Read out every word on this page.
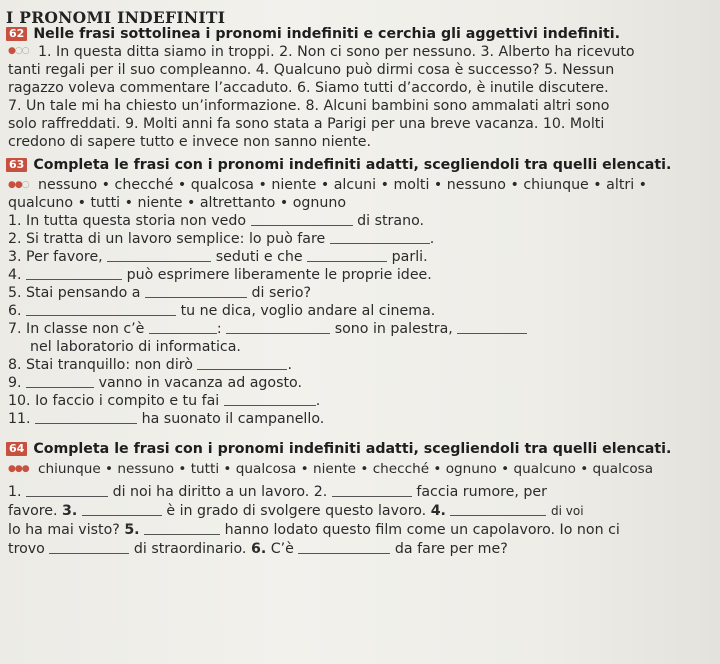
I PRONOMI INDEFINITI
62 Nelle frasi sottolinea i pronomi indefiniti e cerchia gli aggettivi indefiniti.
●○○ 1. In questa ditta siamo in troppi. 2. Non ci sono per nessuno. 3. Alberto ha ricevuto
tanti regali per il suo compleanno. 4. Qualcuno può dirmi cosa è successo? 5. Nessun
ragazzo voleva commentare l’accaduto. 6. Siamo tutti d’accordo, è inutile discutere.
7. Un tale mi ha chiesto un’informazione. 8. Alcuni bambini sono ammalati altri sono
solo raffreddati. 9. Molti anni fa sono stata a Parigi per una breve vacanza. 10. Molti
credono di sapere tutto e invece non sanno niente.
63 Completa le frasi con i pronomi indefiniti adatti, scegliendoli tra quelli elencati.
●●○ nessuno • checché • qualcosa • niente • alcuni • molti • nessuno • chiunque • altri •
qualcuno • tutti • niente • altrettanto • ognuno
1. In tutta questa storia non vedo	di strano.
2. Si tratta di un lavoro semplice: lo può fare	.
3. Per favore,	seduti e che	parli.
4.	può esprimere liberamente le proprie idee.
5. Stai pensando a	di serio?
6.	tu ne dica, voglio andare al cinema.
7. In classe non c’è	:	sono in palestra,
nel laboratorio di informatica.
8. Stai tranquillo: non dirò	.
9.	vanno in vacanza ad agosto.
10. Io faccio i compito e tu fai	.
11.	ha suonato il campanello.
64 Completa le frasi con i pronomi indefiniti adatti, scegliendoli tra quelli elencati.
●●● chiunque • nessuno • tutti • qualcosa • niente • checché • ognuno • qualcuno • qualcosa
1.	di noi ha diritto a un lavoro. 2.	faccia rumore, per
favore. 3.	è in grado di svolgere questo lavoro. 4.	di voi
lo ha mai visto? 5.	hanno lodato questo film come un capolavoro. Io non ci
trovo	di straordinario. 6. C’è	da fare per me?
